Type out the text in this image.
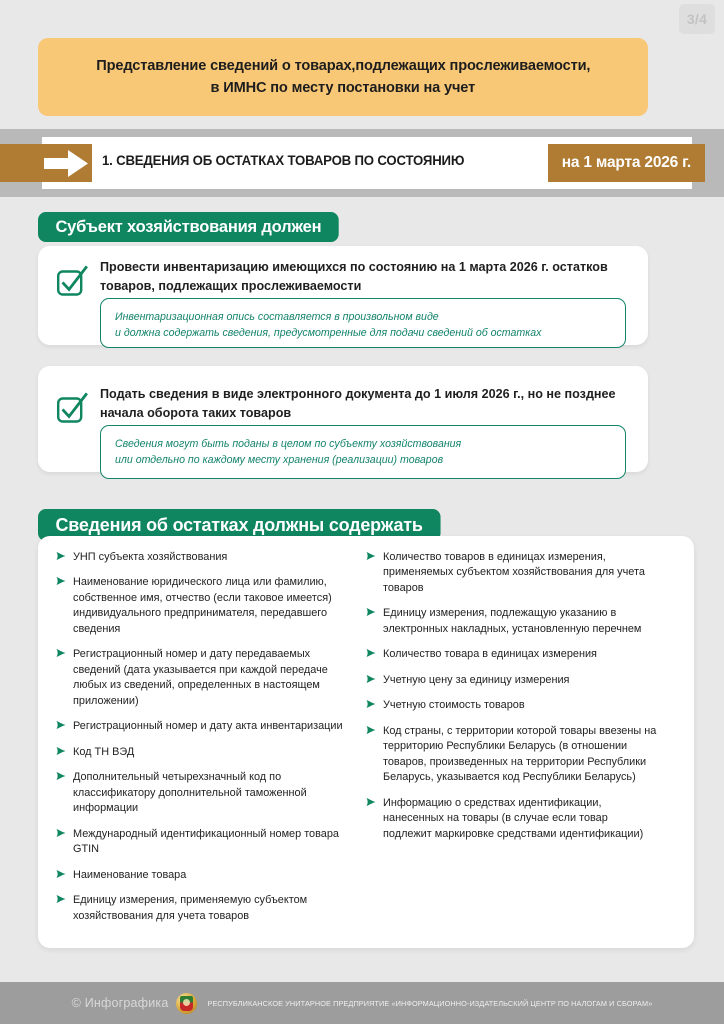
3/4
Представление сведений о товарах,подлежащих прослеживаемости,
в ИМНС по месту постановки на учет
1. СВЕДЕНИЯ ОБ ОСТАТКАХ ТОВАРОВ ПО СОСТОЯНИЮ	на 1 марта 2026 г.
Субъект хозяйствования должен
Провести инвентаризацию имеющихся по состоянию на 1 марта 2026 г. остатков товаров, подлежащих прослеживаемости
Инвентаризационная опись составляется в произвольном виде
и должна содержать сведения, предусмотренные для подачи сведений об остатках
Подать сведения в виде электронного документа до 1 июля 2026 г., но не позднее начала оборота таких товаров
Сведения могут быть поданы в целом по субъекту хозяйствования
или отдельно по каждому месту хранения (реализации) товаров
Сведения об остатках должны содержать
УНП субъекта хозяйствования
Наименование юридического лица или фамилию, собственное имя, отчество (если таковое имеется) индивидуального предпринимателя, передавшего сведения
Регистрационный номер и дату передаваемых сведений (дата указывается при каждой передаче любых из сведений, определенных в настоящем приложении)
Регистрационный номер и дату акта инвентаризации
Код ТН ВЭД
Дополнительный четырехзначный код по классификатору дополнительной таможенной информации
Международный идентификационный номер товара GTIN
Наименование товара
Единицу измерения, применяемую субъектом хозяйствования для учета товаров
Количество товаров в единицах измерения, применяемых субъектом хозяйствования для учета товаров
Единицу измерения, подлежащую указанию в электронных накладных, установленную перечнем
Количество товара в единицах измерения
Учетную цену за единицу измерения
Учетную стоимость товаров
Код страны, с территории которой товары ввезены на территорию Республики Беларусь (в отношении товаров, произведенных на территории Республики Беларусь, указывается код Республики Беларусь)
Информацию о средствах идентификации, нанесенных на товары (в случае если товар подлежит маркировке средствами идентификации)
© Инфографика	РЕСПУБЛИКАНСКОЕ УНИТАРНОЕ ПРЕДПРИЯТИЕ «ИНФОРМАЦИОННО-ИЗДАТЕЛЬСКИЙ ЦЕНТР ПО НАЛОГАМ И СБОРАМ»
